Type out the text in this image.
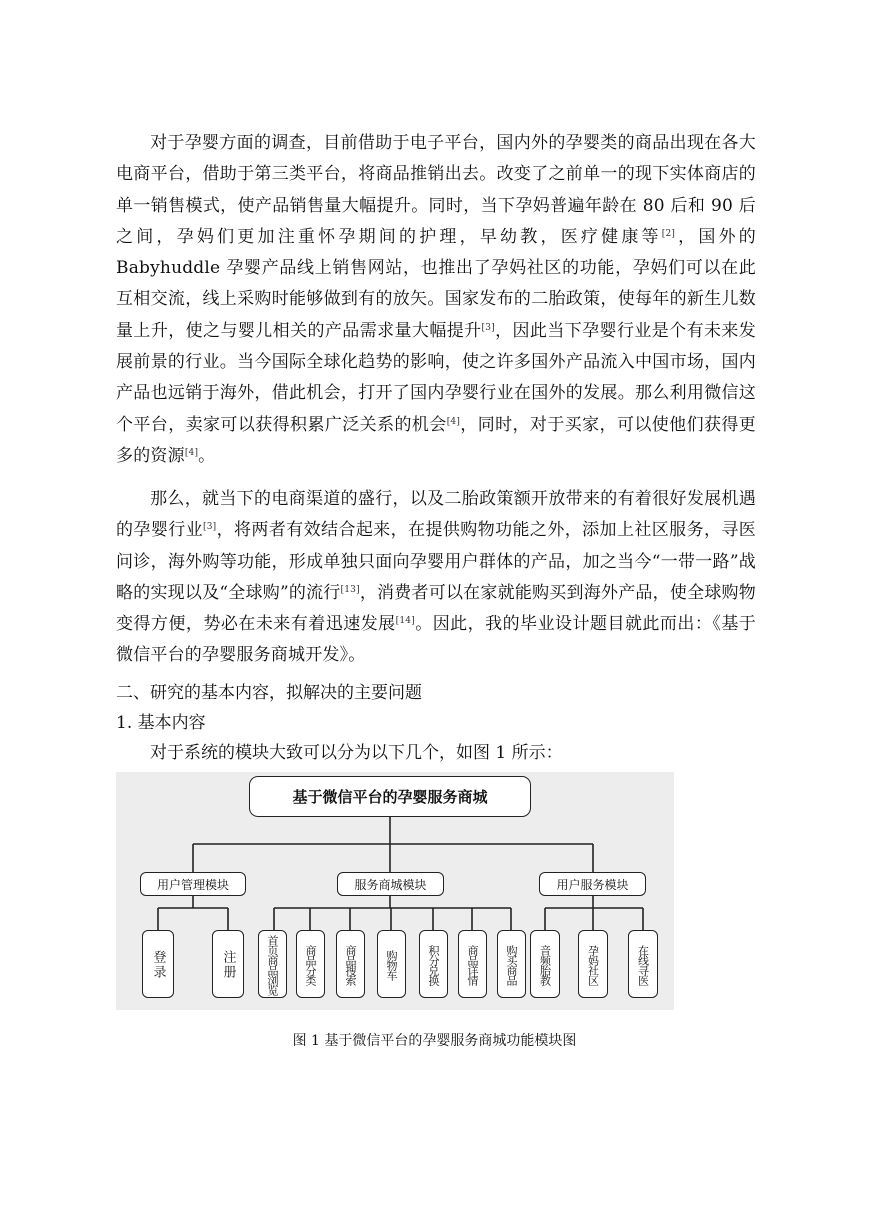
对于孕婴方面的调查，目前借助于电子平台，国内外的孕婴类的商品出现在各大电商平台，借助于第三类平台，将商品推销出去。改变了之前单一的现下实体商店的单一销售模式，使产品销售量大幅提升。同时，当下孕妈普遍年龄在 80 后和 90 后之间，孕妈们更加注重怀孕期间的护理，早幼教，医疗健康等[2]，国外的 Babyhuddle 孕婴产品线上销售网站，也推出了孕妈社区的功能，孕妈们可以在此互相交流，线上采购时能够做到有的放矢。国家发布的二胎政策，使每年的新生儿数量上升，使之与婴儿相关的产品需求量大幅提升[3]，因此当下孕婴行业是个有未来发展前景的行业。当今国际全球化趋势的影响，使之许多国外产品流入中国市场，国内产品也远销于海外，借此机会，打开了国内孕婴行业在国外的发展。那么利用微信这个平台，卖家可以获得积累广泛关系的机会[4]，同时，对于买家，可以使他们获得更多的资源[4]。
那么，就当下的电商渠道的盛行，以及二胎政策额开放带来的有着很好发展机遇的孕婴行业[3]，将两者有效结合起来，在提供购物功能之外，添加上社区服务，寻医问诊，海外购等功能，形成单独只面向孕婴用户群体的产品，加之当今“一带一路”战略的实现以及“全球购”的流行[13]，消费者可以在家就能购买到海外产品，使全球购物变得方便，势必在未来有着迅速发展[14]。因此，我的毕业设计题目就此而出：《基于微信平台的孕婴服务商城开发》。
二、研究的基本内容，拟解决的主要问题
1. 基本内容
对于系统的模块大致可以分为以下几个，如图 1 所示：
基于微信平台的孕婴服务商城
用户管理模块	服务商城模块	用户服务模块
登录	注册	首页商品浏览	商品分类	商品搜索	购物车	积分兑换	商品详情	购买商品	音频胎教	孕妈社区	在线寻医
图 1 基于微信平台的孕婴服务商城功能模块图
